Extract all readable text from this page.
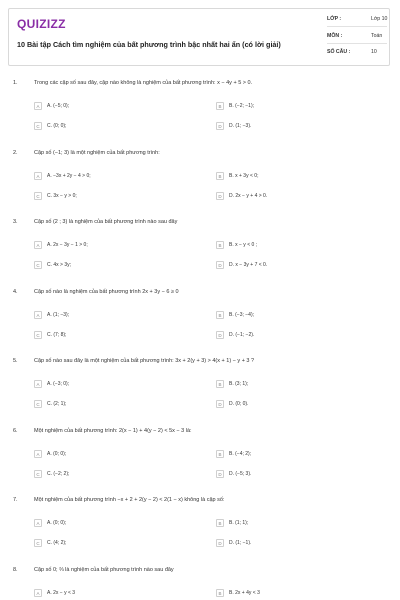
QUIZIZZ
10 Bài tập Cách tìm nghiệm của bất phương trình bậc nhất hai ẩn (có lời giải)
LỚP :	Lớp 10
MÔN :	Toán
SỐ CÂU :	10
1.	Trong các cặp số sau đây, cặp nào không là nghiệm của bất phương trình: x − 4y + 5 > 0.
A	A. (−5; 0);	B	B. (−2; −1);
C	C. (0; 0);	D	D. (1; −3).
2.	Cặp số (−1; 3) là một nghiệm của bất phương trình:
A	A. −3x + 2y − 4 > 0;	B	B. x + 3y < 0;
C	C. 3x − y > 0;	D	D. 2x − y + 4 > 0.
3.	Cặp số (2 ; 3) là nghiệm của bất phương trình nào sau đây
A	A. 2x − 3y − 1 > 0;	B	B. x − y < 0 ;
C	C. 4x > 3y;	D	D. x − 3y + 7 < 0.
4.	Cặp số nào là nghiệm của bất phương trình 2x + 3y − 6 ≥ 0
A	A. (1; −3);	B	B. (−3; −4);
C	C. (7; 8);	D	D. (−1; −2).
5.	Cặp số nào sau đây là một nghiệm của bất phương trình: 3x + 2(y + 3) > 4(x + 1) − y + 3 ?
A	A. (−3; 0);	B	B. (3; 1);
C	C. (2; 1);	D	D. (0; 0).
6.	Một nghiệm của bất phương trình: 2(x − 1) + 4(y − 2) < 5x − 3 là:
A	A. (0; 0);	B	B. (−4; 2);
C	C. (−2; 2);	D	D. (−5; 3).
7.	Một nghiệm của bất phương trình −x + 2 + 2(y − 2) < 2(1 − x) không là cặp số:
A	A. (0; 0);	B	B. (1; 1);
C	C. (4; 2);	D	D. (1; −1).
8.	Cặp số 0; ⅔ là nghiệm của bất phương trình nào sau đây
A	A. 2x − y < 3	B	B. 2x + 4y < 3
